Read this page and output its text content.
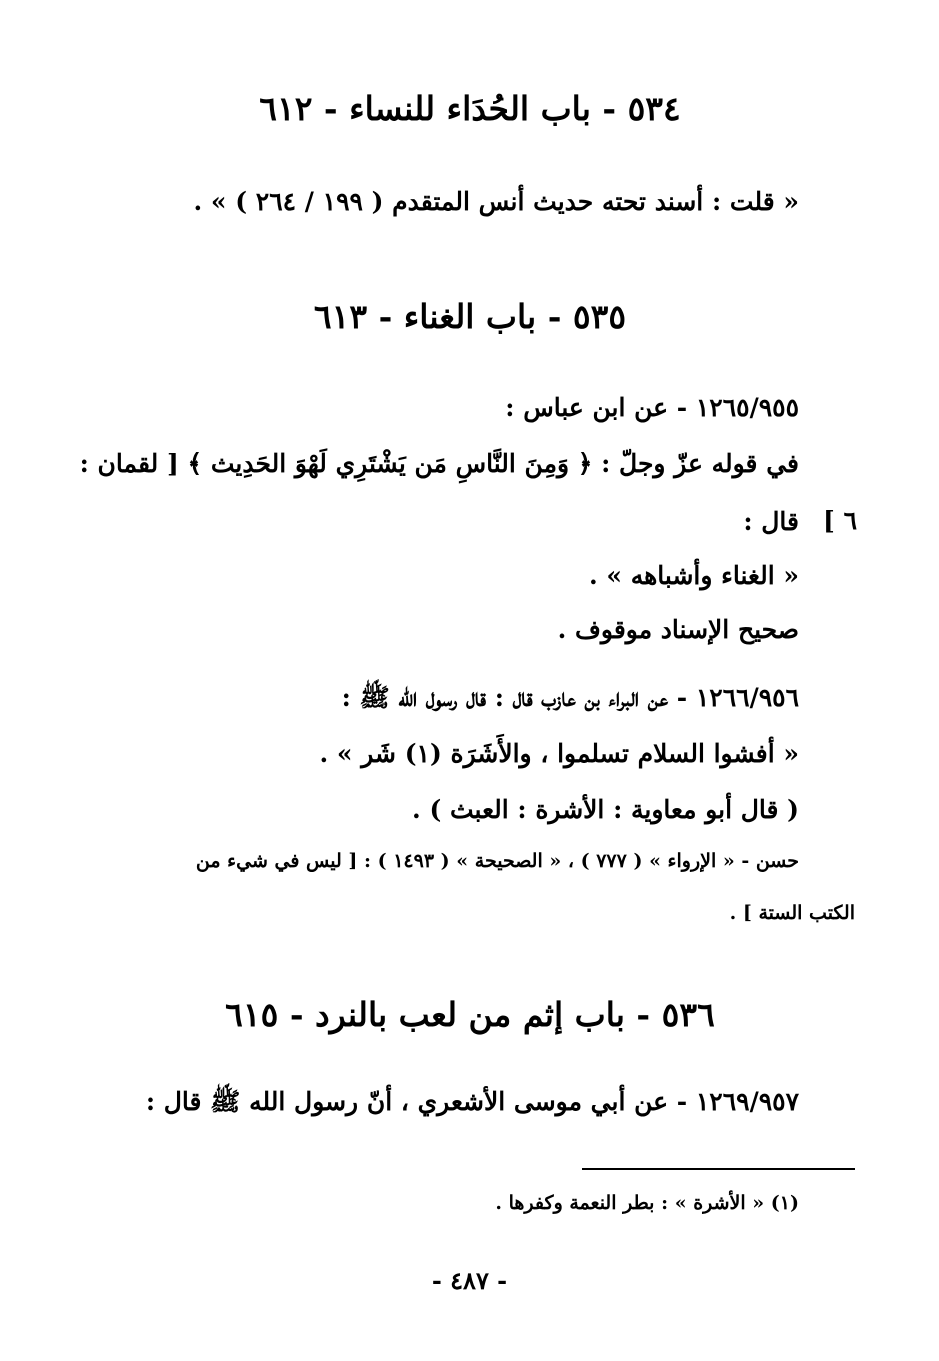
٥٣٤ - باب الحُدَاء للنساء - ٦١٢
« قلت : أسند تحته حديث أنس المتقدم ( ١٩٩ / ٢٦٤ ) » .
٥٣٥ - باب الغناء - ٦١٣
١٢٦٥/٩٥٥ - عن ابن عباس :
في قوله عزّ وجلّ : ﴿ وَمِنَ النَّاسِ مَن يَشْتَرِي لَهْوَ الحَدِيث ﴾ [ لقمان :
٦ ]
قال :
« الغناء وأشباهه » .
صحيح الإسناد موقوف .
١٢٦٦/٩٥٦ - عن البراء بن عازب قال : قال رسول الله ﷺ :
« أفشوا السلام تسلموا ، والأَشَرَة (١) شَر » .
( قال أبو معاوية : الأشرة : العبث ) .
حسن - « الإرواء » ( ٧٧٧ ) ، « الصحيحة » ( ١٤٩٣ ) : [ ليس في شيء من
الكتب الستة ] .
٥٣٦ - باب إثم من لعب بالنرد - ٦١٥
١٢٦٩/٩٥٧ - عن أبي موسى الأشعري ، أنّ رسول الله ﷺ قال :
(١) « الأشرة » : بطر النعمة وكفرها .
- ٤٨٧ -
